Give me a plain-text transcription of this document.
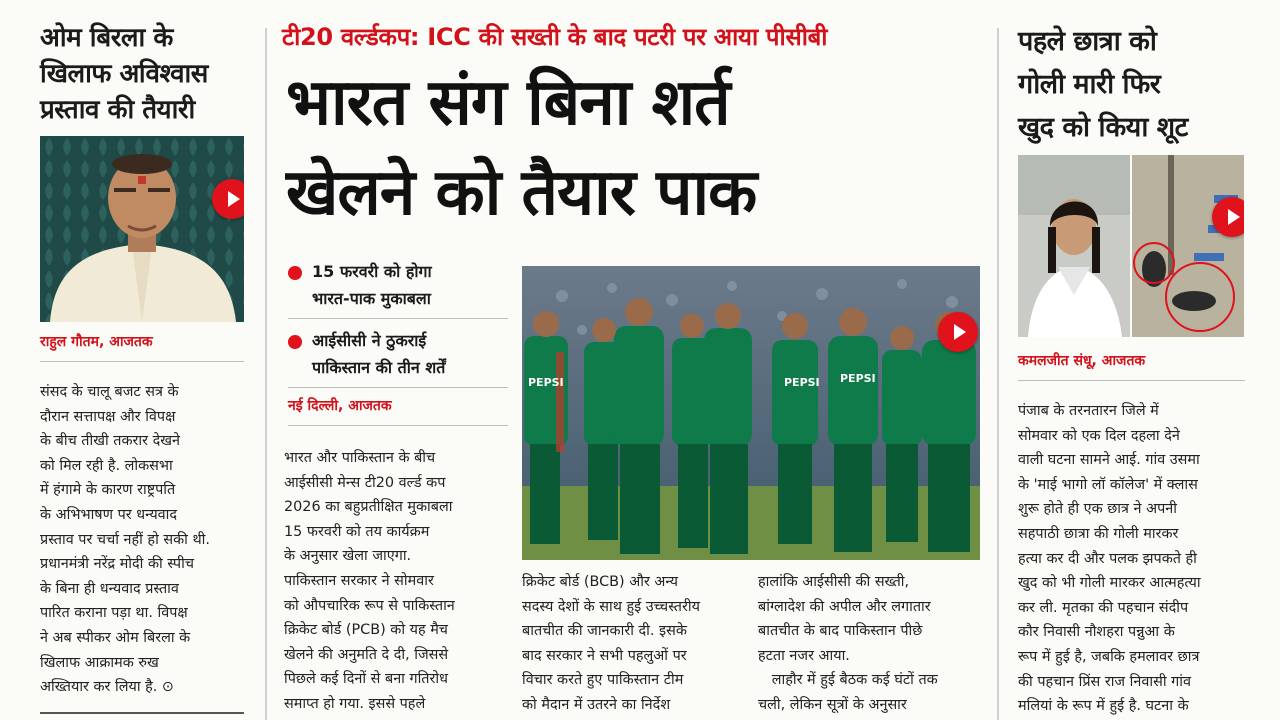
ओम बिरला के
खिलाफ अविश्वास
प्रस्ताव की तैयारी
राहुल गौतम, आजतक
संसद के चालू बजट सत्र के
दौरान सत्तापक्ष और विपक्ष
के बीच तीखी तकरार देखने
को मिल रही है. लोकसभा
में हंगामे के कारण राष्ट्रपति
के अभिभाषण पर धन्यवाद
प्रस्ताव पर चर्चा नहीं हो सकी थी.
प्रधानमंत्री नरेंद्र मोदी की स्पीच
के बिना ही धन्यवाद प्रस्ताव
पारित कराना पड़ा था. विपक्ष
ने अब स्पीकर ओम बिरला के
खिलाफ आक्रामक रुख
अख्तियार कर लिया है. ⊙
टी20 वर्ल्डकप: ICC की सख्ती के बाद पटरी पर आया पीसीबी
भारत संग बिना शर्त
खेलने को तैयार पाक
15 फरवरी को होगा
भारत-पाक मुकाबला
आईसीसी ने ठुकराई
पाकिस्तान की तीन शर्तें
नई दिल्ली, आजतक
भारत और पाकिस्तान के बीच
आईसीसी मेन्स टी20 वर्ल्ड कप
2026 का बहुप्रतीक्षित मुकाबला
15 फरवरी को तय कार्यक्रम
के अनुसार खेला जाएगा.
पाकिस्तान सरकार ने सोमवार
को औपचारिक रूप से पाकिस्तान
क्रिकेट बोर्ड (PCB) को यह मैच
खेलने की अनुमति दे दी, जिससे
पिछले कई दिनों से बना गतिरोध
समाप्त हो गया. इससे पहले
PEPSI	PEPSI PEPSI
क्रिकेट बोर्ड (BCB) और अन्य
सदस्य देशों के साथ हुई उच्चस्तरीय
बातचीत की जानकारी दी. इसके
बाद सरकार ने सभी पहलुओं पर
विचार करते हुए पाकिस्तान टीम
को मैदान में उतरने का निर्देश
हालांकि आईसीसी की सख्ती,
बांग्लादेश की अपील और लगातार
बातचीत के बाद पाकिस्तान पीछे
हटता नजर आया.
लाहौर में हुई बैठक कई घंटों तक
चली, लेकिन सूत्रों के अनुसार
पहले छात्रा को
गोली मारी फिर
खुद को किया शूट
कमलजीत संधू, आजतक
पंजाब के तरनतारन जिले में
सोमवार को एक दिल दहला देने
वाली घटना सामने आई. गांव उसमा
के 'माई भागो लॉ कॉलेज' में क्लास
शुरू होते ही एक छात्र ने अपनी
सहपाठी छात्रा की गोली मारकर
हत्या कर दी और पलक झपकते ही
खुद को भी गोली मारकर आत्महत्या
कर ली. मृतका की पहचान संदीप
कौर निवासी नौशहरा पन्नुआ के
रूप में हुई है, जबकि हमलावर छात्र
की पहचान प्रिंस राज निवासी गांव
मलियां के रूप में हुई है. घटना के
